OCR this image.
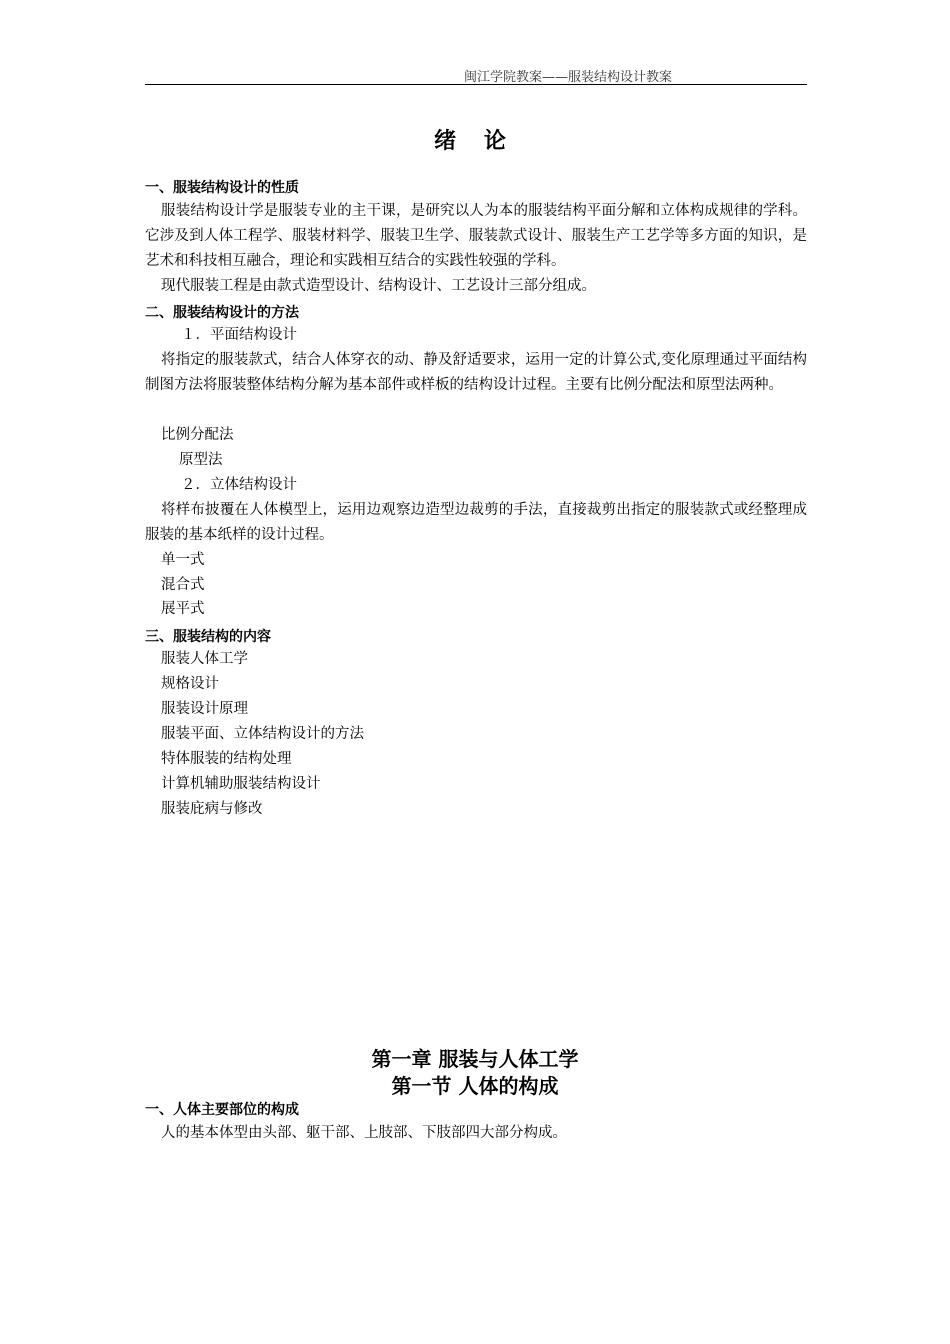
闽江学院教案——服装结构设计教案
绪 论
一、服装结构设计的性质
服装结构设计学是服装专业的主干课，是研究以人为本的服装结构平面分解和立体构成规律的学科。它涉及到人体工程学、服装材料学、服装卫生学、服装款式设计、服装生产工艺学等多方面的知识，是艺术和科技相互融合，理论和实践相互结合的实践性较强的学科。
现代服装工程是由款式造型设计、结构设计、工艺设计三部分组成。
二、服装结构设计的方法
１．平面结构设计
将指定的服装款式，结合人体穿衣的动、静及舒适要求，运用一定的计算公式,变化原理通过平面结构制图方法将服装整体结构分解为基本部件或样板的结构设计过程。主要有比例分配法和原型法两种。
比例分配法
原型法
２．立体结构设计
将样布披覆在人体模型上，运用边观察边造型边裁剪的手法，直接裁剪出指定的服装款式或经整理成服装的基本纸样的设计过程。
单一式
混合式
展平式
三、服装结构的内容
服装人体工学
规格设计
服装设计原理
服装平面、立体结构设计的方法
特体服装的结构处理
计算机辅助服装结构设计
服装庇病与修改
第一章 服装与人体工学
第一节 人体的构成
一、人体主要部位的构成
人的基本体型由头部、躯干部、上肢部、下肢部四大部分构成。
